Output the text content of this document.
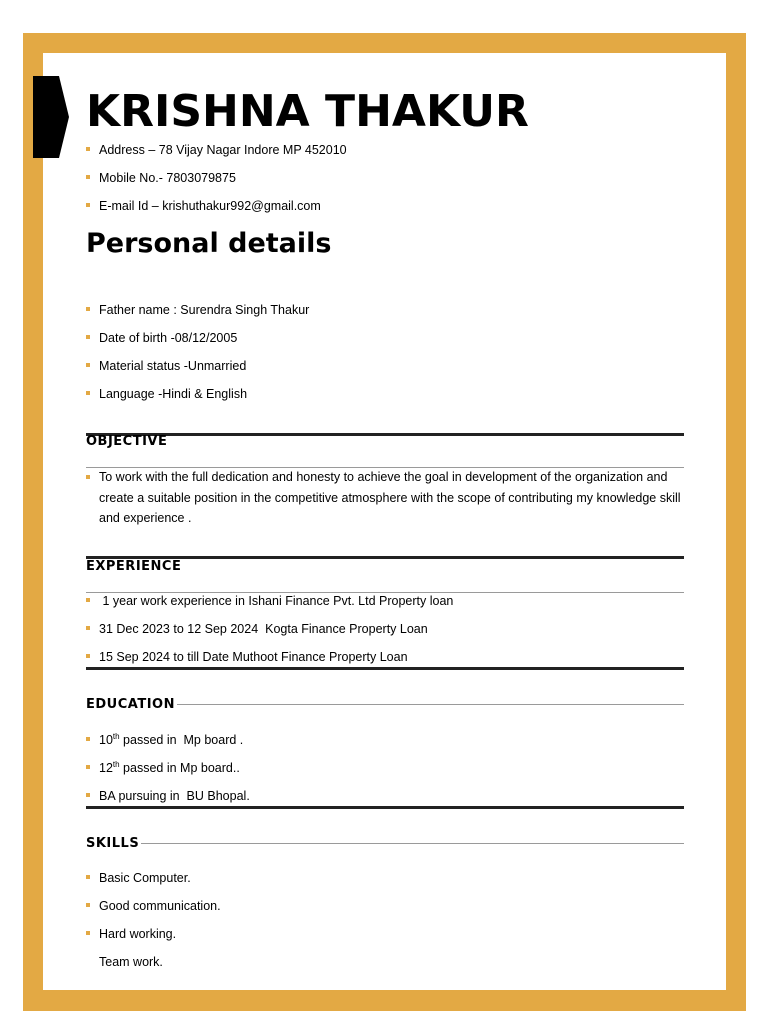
KRISHNA THAKUR
Address – 78 Vijay Nagar Indore MP 452010
Mobile No.- 7803079875
E-mail Id – krishuthakur992@gmail.com
Personal details
Father name : Surendra Singh Thakur
Date of birth -08/12/2005
Material status -Unmarried
Language -Hindi & English
OBJECTIVE
To work with the full dedication and honesty to achieve the goal in development of the organization and create a suitable position in the competitive atmosphere with the scope of contributing my knowledge skill and experience .
EXPERIENCE
1 year work experience in Ishani Finance Pvt. Ltd Property loan
31 Dec 2023 to 12 Sep 2024  Kogta Finance Property Loan
15 Sep 2024 to till Date Muthoot Finance Property Loan
EDUCATION
10th passed in  Mp board .
12th passed in Mp board..
BA pursuing in  BU Bhopal.
SKILLS
Basic Computer.
Good communication.
Hard working.
Team work.
